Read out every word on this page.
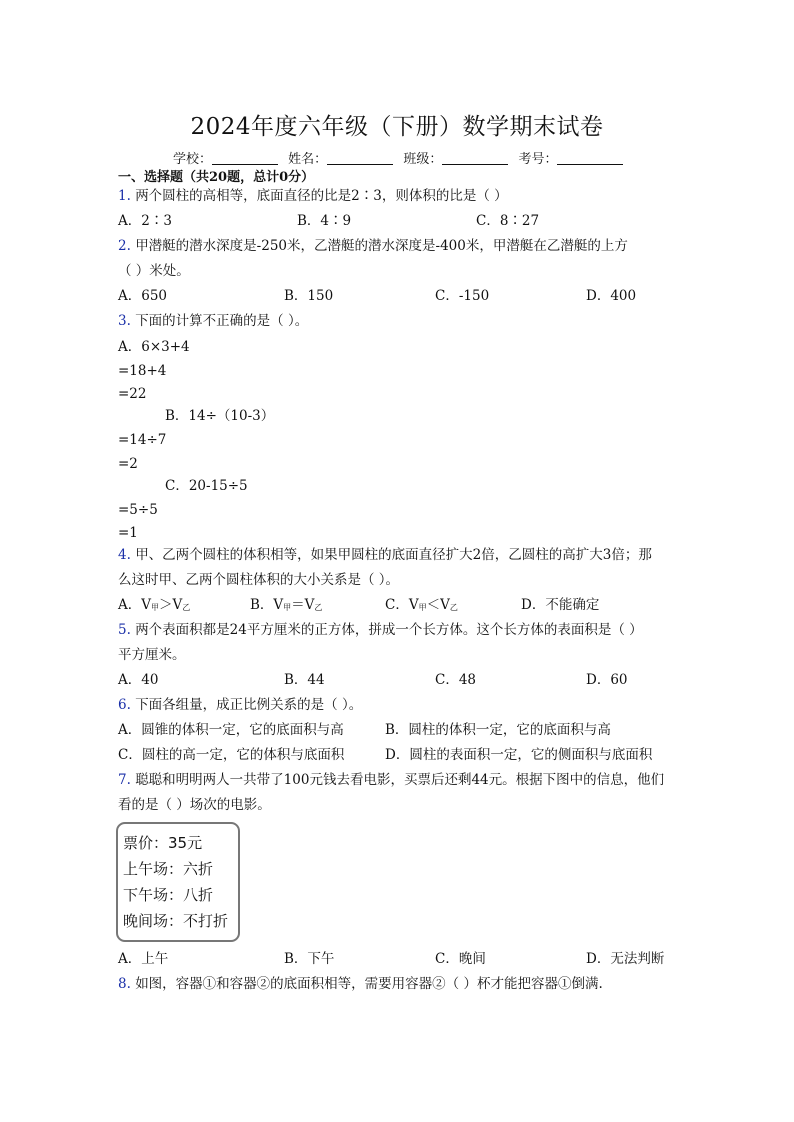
2024年度六年级（下册）数学期末试卷
学校：	姓名：	班级：	考号：
一、选择题（共20题，总计0分）
1. 两个圆柱的高相等，底面直径的比是2∶3，则体积的比是（ ）
A．2∶3	B．4∶9	C．8∶27
2. 甲潜艇的潜水深度是-250米，乙潜艇的潜水深度是-400米，甲潜艇在乙潜艇的上方
（ ）米处。
A．650	B．150	C．-150	D．400
3. 下面的计算不正确的是（ ）。
A．6×3+4
=18+4
=22
B．14÷（10-3）
=14÷7
=2
C．20-15÷5
=5÷5
=1
4. 甲、乙两个圆柱的体积相等，如果甲圆柱的底面直径扩大2倍，乙圆柱的高扩大3倍；那
么这时甲、乙两个圆柱体积的大小关系是（ ）。
A．$V_甲>V_乙$	B．$V_甲=V_乙$	C．$V_甲<V_乙$	D．不能确定
5. 两个表面积都是24平方厘米的正方体，拼成一个长方体。这个长方体的表面积是（ ）
平方厘米。
A．40	B．44	C．48	D．60
6. 下面各组量，成正比例关系的是（ ）。
A．圆锥的体积一定，它的底面积与高	B．圆柱的体积一定，它的底面积与高
C．圆柱的高一定，它的体积与底面积	D．圆柱的表面积一定，它的侧面积与底面积
7. 聪聪和明明两人一共带了100元钱去看电影，买票后还剩44元。根据下图中的信息，他们
看的是（ ）场次的电影。
票价：35元
上午场：六折
下午场：八折
晚间场：不打折
A．上午	B．下午	C．晚间	D．无法判断
8. 如图，容器①和容器②的底面积相等，需要用容器②（ ）杯才能把容器①倒满.
